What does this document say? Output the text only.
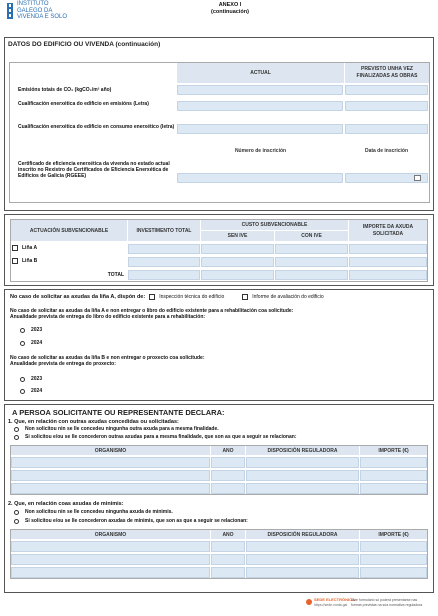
INSTITUTO
GALEGO DA
VIVENDA E SOLO
ANEXO I
(continuación)
DATOS DO EDIFICIO OU VIVENDA (continuación)
ACTUAL
PREVISTO UNHA VEZ FINALIZADAS AS OBRAS
Emisións totais de CO₂ (kgCO₂/m² año)
Cualificación enerxética do edificio en emisións (Letra)
Cualificación enerxética do edificio en consumo enerxético (letra)
Número de inscrición	Data de inscrición
Certificado de eficiencia enerxética da vivenda no estado actual inscrito no Rexistro de Certificados de Eficiencia Enerxética de Edificios de Galicia (RGEEE)
ACTUACIÓN SUBVENCIONABLE	INVESTIMENTO TOTAL
CUSTO SUBVENCIONABLE
SEN IVE	CON IVE
IMPORTE DA AXUDA SOLICITADA
Liña A
Liña B
TOTAL
No caso de solicitar as axudas da liña A, dispón de:	Inspección técnica do edificio	Informe de avaliación do edificio
No caso de solicitar as axudas da liña A e non entregar o libro do edificio existente para a rehabilitación coa solicitude:
Anualidade prevista de entrega do libro do edificio existente para a rehabilitación:
2023
2024
No caso de solicitar as axudas da liña B e non entregar o proxecto coa solicitude:
Anualidade prevista de entrega do proxecto:
2023
2024
A PERSOA SOLICITANTE OU REPRESENTANTE DECLARA:
1. Que, en relación con outras axudas concedidas ou solicitadas:
Non solicitou nin se lle concedeu ningunha outra axuda para a mesma finalidade.
Si solicitou e/ou se lle concederon outras axudas para a mesma finalidade, que son as que a seguir se relacionan:
ORGANISMO	ANO	DISPOSICIÓN REGULADORA	IMPORTE (€)
2. Que, en relación coas axudas de minimis:
Non solicitou nin se lle concedeu ningunha axuda de minimis.
Si solicitou e/ou se lle concederon axudas de minimis, que son as que a seguir se relacionan:
ORGANISMO	ANO	DISPOSICIÓN REGULADORA	IMPORTE (€)
SEDE ELECTRÓNICA
https://sede.xunta.gal
Este formulario só poderá presentarse nas
formas previstas na súa normativa reguladora
